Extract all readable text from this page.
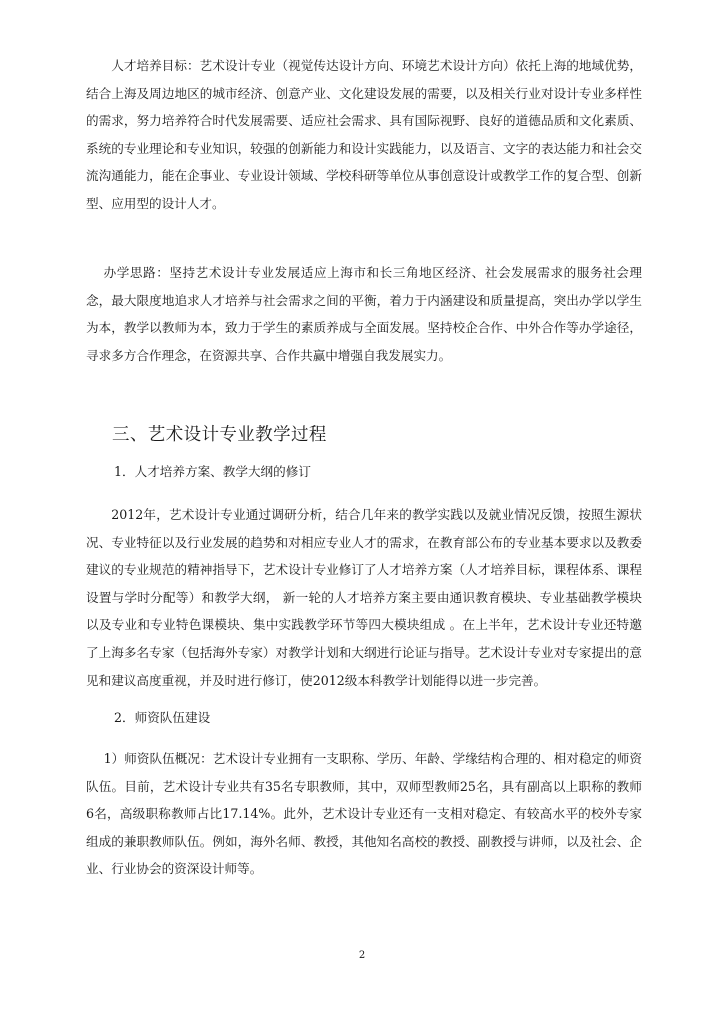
人才培养目标：艺术设计专业（视觉传达设计方向、环境艺术设计方向）依托上海的地域优势，结合上海及周边地区的城市经济、创意产业、文化建设发展的需要，以及相关行业对设计专业多样性的需求，努力培养符合时代发展需要、适应社会需求、具有国际视野、良好的道德品质和文化素质、系统的专业理论和专业知识，较强的创新能力和设计实践能力，以及语言、文字的表达能力和社会交流沟通能力，能在企事业、专业设计领域、学校科研等单位从事创意设计或教学工作的复合型、创新型、应用型的设计人才。

办学思路：坚持艺术设计专业发展适应上海市和长三角地区经济、社会发展需求的服务社会理念，最大限度地追求人才培养与社会需求之间的平衡，着力于内涵建设和质量提高，突出办学以学生为本，教学以教师为本，致力于学生的素质养成与全面发展。坚持校企合作、中外合作等办学途径，寻求多方合作理念，在资源共享、合作共赢中增强自我发展实力。

三、艺术设计专业教学过程

1．人才培养方案、教学大纲的修订

2012年，艺术设计专业通过调研分析，结合几年来的教学实践以及就业情况反馈，按照生源状况、专业特征以及行业发展的趋势和对相应专业人才的需求，在教育部公布的专业基本要求以及教委建议的专业规范的精神指导下，艺术设计专业修订了人才培养方案（人才培养目标，课程体系、课程设置与学时分配等）和教学大纲， 新一轮的人才培养方案主要由通识教育模块、专业基础教学模块以及专业和专业特色课模块、集中实践教学环节等四大模块组成 。在上半年，艺术设计专业还特邀了上海多名专家（包括海外专家）对教学计划和大纲进行论证与指导。艺术设计专业对专家提出的意见和建议高度重视，并及时进行修订，使2012级本科教学计划能得以进一步完善。

2．师资队伍建设

1）师资队伍概况：艺术设计专业拥有一支职称、学历、年龄、学缘结构合理的、相对稳定的师资队伍。目前，艺术设计专业共有35名专职教师，其中，双师型教师25名，具有副高以上职称的教师6名，高级职称教师占比17.14%。此外，艺术设计专业还有一支相对稳定、有较高水平的校外专家组成的兼职教师队伍。例如，海外名师、教授，其他知名高校的教授、副教授与讲师，以及社会、企业、行业协会的资深设计师等。

2
